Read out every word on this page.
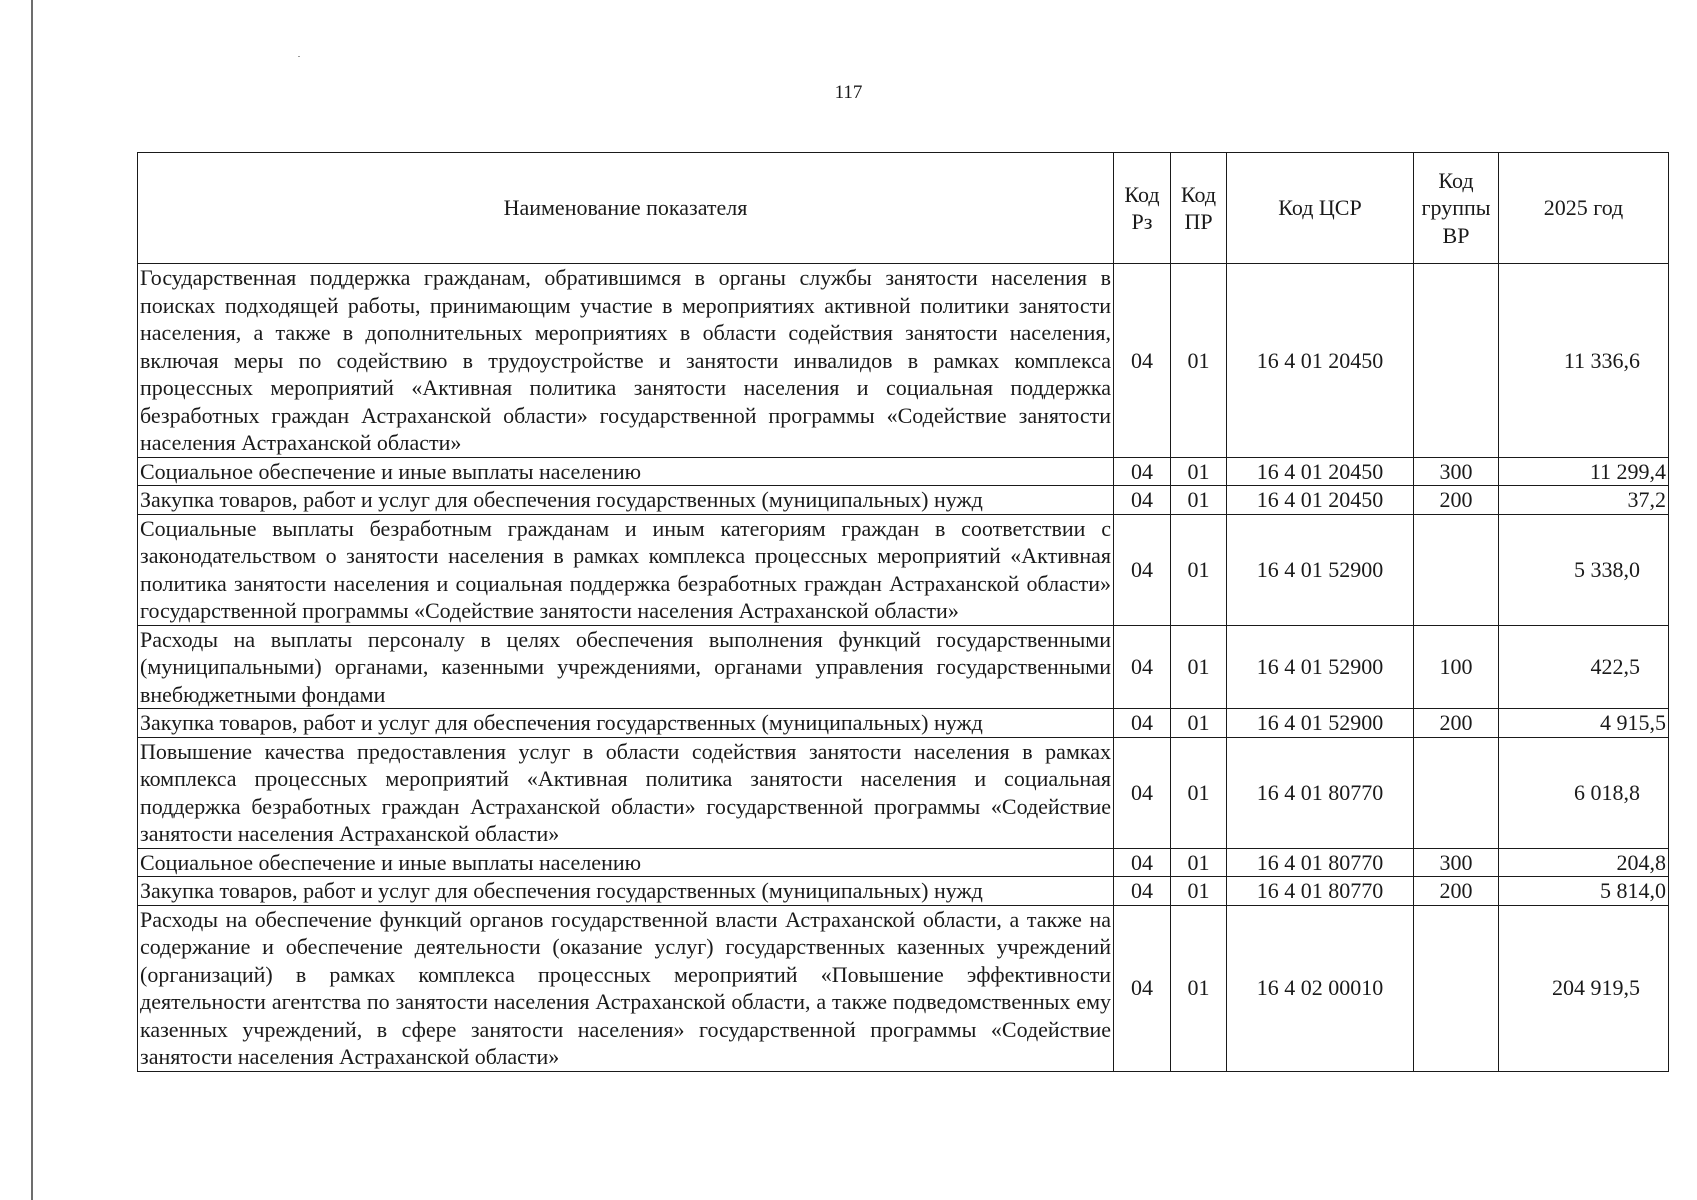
117
Наименование показателя	Код Рз	Код ПР	Код ЦСР	Код группы ВР	2025 год
Государственная поддержка гражданам, обратившимся в органы службы занятости населения в поисках подходящей работы, принимающим участие в мероприятиях активной политики занятости населения, а также в дополнительных мероприятиях в области содействия занятости населения, включая меры по содействию в трудоустройстве и занятости инвалидов в рамках комплекса процессных мероприятий «Активная политика занятости населения и социальная поддержка безработных граждан Астраханской области» государственной программы «Содействие занятости населения Астраханской области»	04	01	16 4 01 20450		11 336,6
Социальное обеспечение и иные выплаты населению	04	01	16 4 01 20450	300	11 299,4
Закупка товаров, работ и услуг для обеспечения государственных (муниципальных) нужд	04	01	16 4 01 20450	200	37,2
Социальные выплаты безработным гражданам и иным категориям граждан в соответствии с законодательством о занятости населения в рамках комплекса процессных мероприятий «Активная политика занятости населения и социальная поддержка безработных граждан Астраханской области» государственной программы «Содействие занятости населения Астраханской области»	04	01	16 4 01 52900		5 338,0
Расходы на выплаты персоналу в целях обеспечения выполнения функций государственными (муниципальными) органами, казенными учреждениями, органами управления государственными внебюджетными фондами	04	01	16 4 01 52900	100	422,5
Закупка товаров, работ и услуг для обеспечения государственных (муниципальных) нужд	04	01	16 4 01 52900	200	4 915,5
Повышение качества предоставления услуг в области содействия занятости населения в рамках комплекса процессных мероприятий «Активная политика занятости населения и социальная поддержка безработных граждан Астраханской области» государственной программы «Содействие занятости населения Астраханской области»	04	01	16 4 01 80770		6 018,8
Социальное обеспечение и иные выплаты населению	04	01	16 4 01 80770	300	204,8
Закупка товаров, работ и услуг для обеспечения государственных (муниципальных) нужд	04	01	16 4 01 80770	200	5 814,0
Расходы на обеспечение функций органов государственной власти Астраханской области, а также на содержание и обеспечение деятельности (оказание услуг) государственных казенных учреждений (организаций) в рамках комплекса процессных мероприятий «Повышение эффективности деятельности агентства по занятости населения Астраханской области, а также подведомственных ему казенных учреждений, в сфере занятости населения» государственной программы «Содействие занятости населения Астраханской области»	04	01	16 4 02 00010		204 919,5
